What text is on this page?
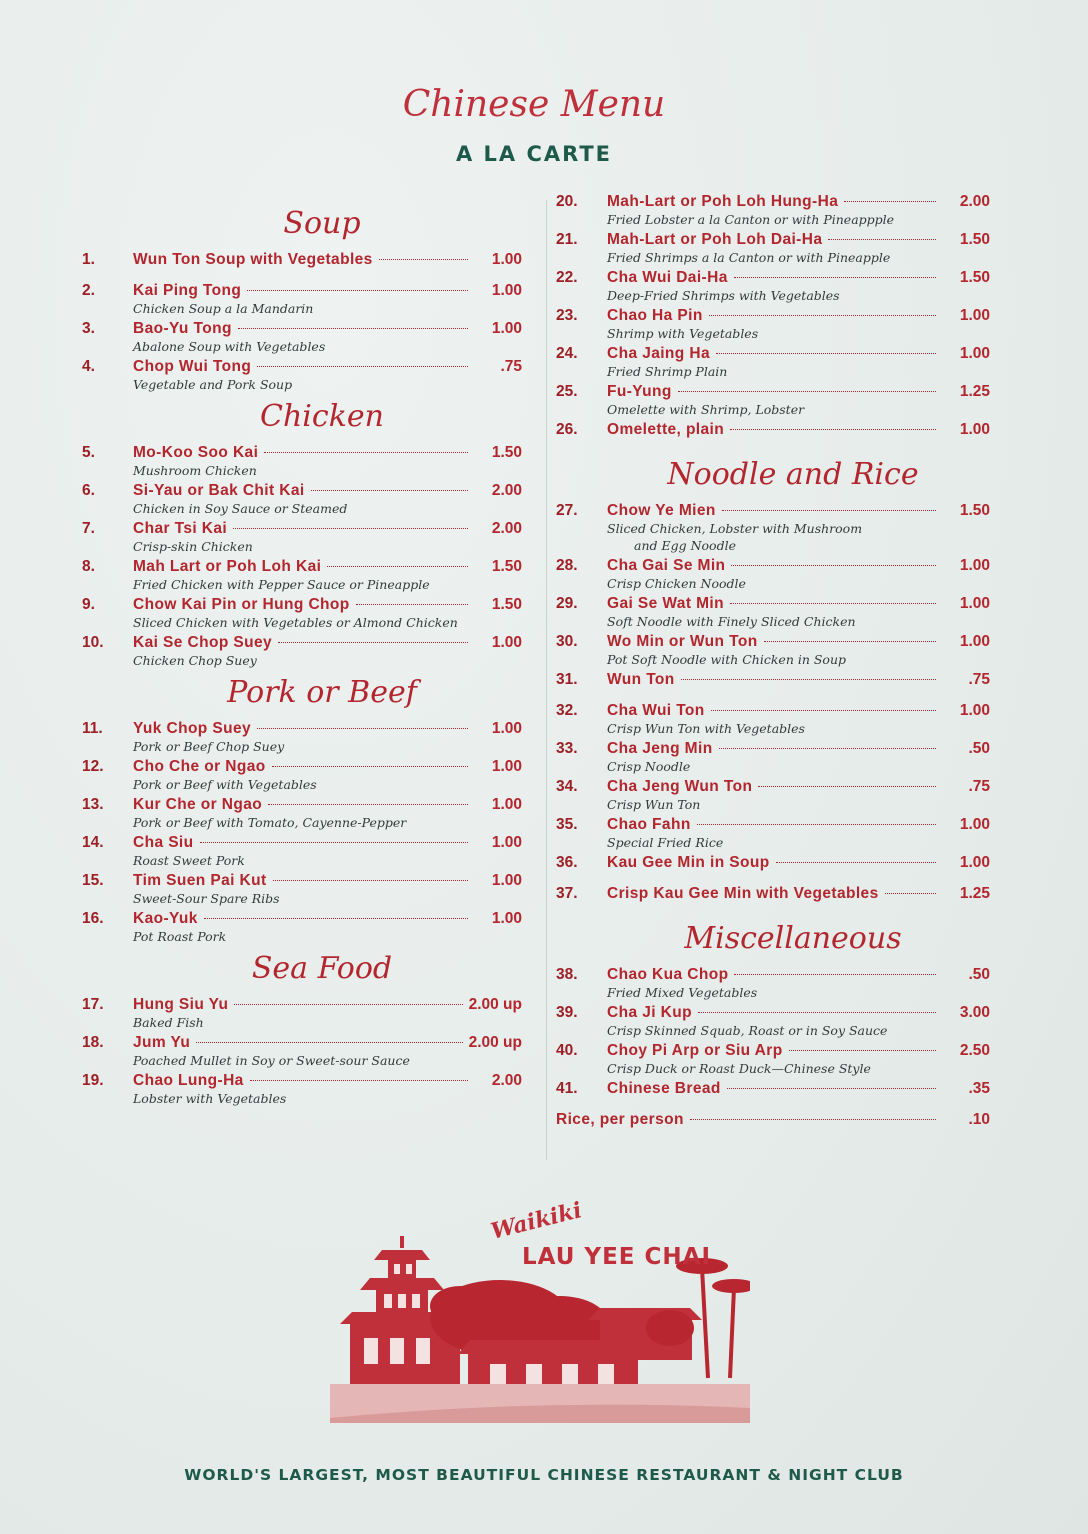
Chinese Menu
A LA CARTE
Soup
1.	Wun Ton Soup with Vegetables	1.00
2.	Kai Ping Tong	1.00
Chicken Soup a la Mandarin
3.	Bao-Yu Tong	1.00
Abalone Soup with Vegetables
4.	Chop Wui Tong	.75
Vegetable and Pork Soup
Chicken
5.	Mo-Koo Soo Kai	1.50
Mushroom Chicken
6.	Si-Yau or Bak Chit Kai	2.00
Chicken in Soy Sauce or Steamed
7.	Char Tsi Kai	2.00
Crisp-skin Chicken
8.	Mah Lart or Poh Loh Kai	1.50
Fried Chicken with Pepper Sauce or Pineapple
9.	Chow Kai Pin or Hung Chop	1.50
Sliced Chicken with Vegetables or Almond Chicken
10.	Kai Se Chop Suey	1.00
Chicken Chop Suey
Pork or Beef
11.	Yuk Chop Suey	1.00
Pork or Beef Chop Suey
12.	Cho Che or Ngao	1.00
Pork or Beef with Vegetables
13.	Kur Che or Ngao	1.00
Pork or Beef with Tomato, Cayenne-Pepper
14.	Cha Siu	1.00
Roast Sweet Pork
15.	Tim Suen Pai Kut	1.00
Sweet-Sour Spare Ribs
16.	Kao-Yuk	1.00
Pot Roast Pork
Sea Food
17.	Hung Siu Yu	2.00 up
Baked Fish
18.	Jum Yu	2.00 up
Poached Mullet in Soy or Sweet-sour Sauce
19.	Chao Lung-Ha	2.00
Lobster with Vegetables
20.	Mah-Lart or Poh Loh Hung-Ha	2.00
Fried Lobster a la Canton or with Pineappple
21.	Mah-Lart or Poh Loh Dai-Ha	1.50
Fried Shrimps a la Canton or with Pineapple
22.	Cha Wui Dai-Ha	1.50
Deep-Fried Shrimps with Vegetables
23.	Chao Ha Pin	1.00
Shrimp with Vegetables
24.	Cha Jaing Ha	1.00
Fried Shrimp Plain
25.	Fu-Yung	1.25
Omelette with Shrimp, Lobster
26.	Omelette, plain	1.00
Noodle and Rice
27.	Chow Ye Mien	1.50
Sliced Chicken, Lobster with Mushroom
and Egg Noodle
28.	Cha Gai Se Min	1.00
Crisp Chicken Noodle
29.	Gai Se Wat Min	1.00
Soft Noodle with Finely Sliced Chicken
30.	Wo Min or Wun Ton	1.00
Pot Soft Noodle with Chicken in Soup
31.	Wun Ton	.75
32.	Cha Wui Ton	1.00
Crisp Wun Ton with Vegetables
33.	Cha Jeng Min	.50
Crisp Noodle
34.	Cha Jeng Wun Ton	.75
Crisp Wun Ton
35.	Chao Fahn	1.00
Special Fried Rice
36.	Kau Gee Min in Soup	1.00
37.	Crisp Kau Gee Min with Vegetables	1.25
Miscellaneous
38.	Chao Kua Chop	.50
Fried Mixed Vegetables
39.	Cha Ji Kup	3.00
Crisp Skinned Squab, Roast or in Soy Sauce
40.	Choy Pi Arp or Siu Arp	2.50
Crisp Duck or Roast Duck—Chinese Style
41.	Chinese Bread	.35
Rice, per person	.10
Waikiki
LAU YEE CHAI
WORLD'S LARGEST, MOST BEAUTIFUL CHINESE RESTAURANT & NIGHT CLUB
